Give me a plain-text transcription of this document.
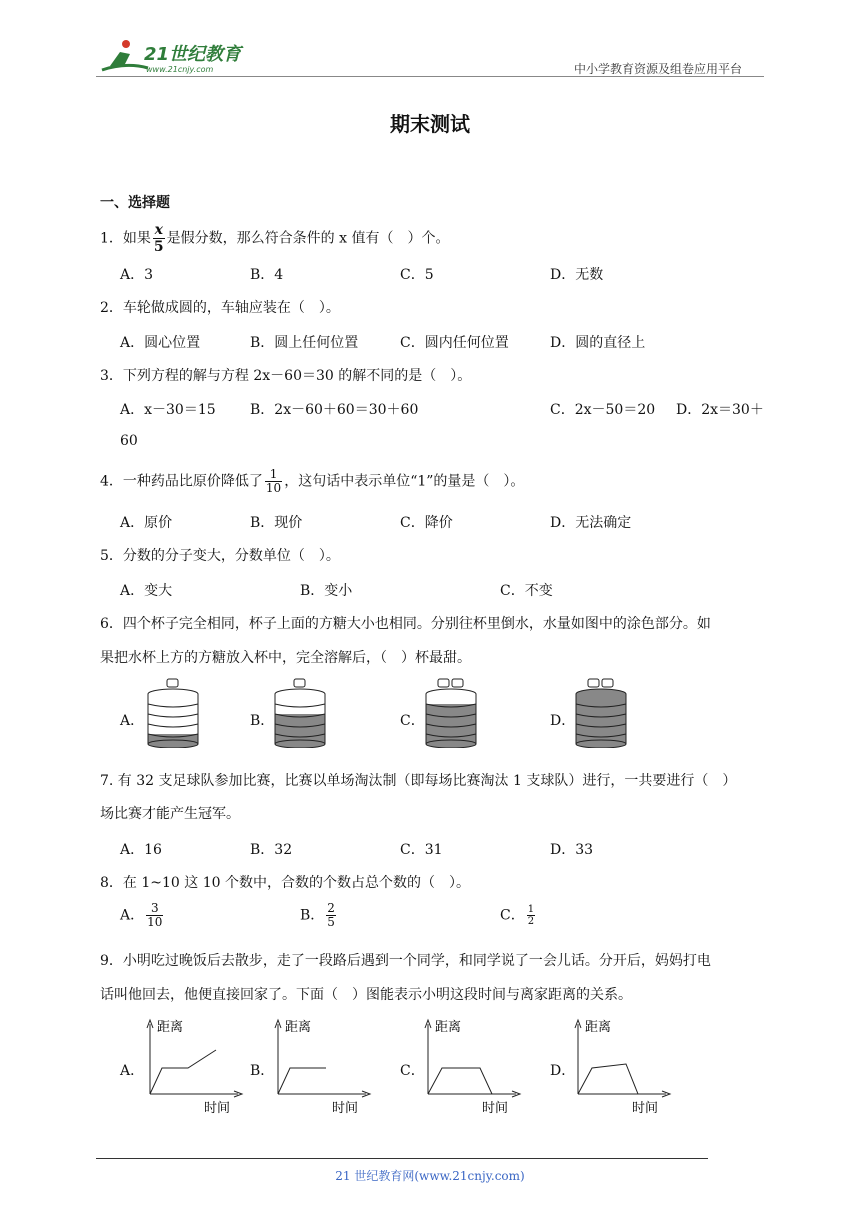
21世纪教育
www.21cnjy.com	中小学教育资源及组卷应用平台
期末测试
一、选择题
1．如果 $\frac{x}{5}$ 是假分数，那么符合条件的 x 值有（　）个。
A．3	B．4	C．5	D．无数
2．车轮做成圆的，车轴应装在（　）。
A．圆心位置	B．圆上任何位置	C．圆内任何位置	D．圆的直径上
3．下列方程的解与方程 2x－60＝30 的解不同的是（　）。
A．x－30＝15 B．2x－60＋60＝30＋60	C．2x－50＝20 D．2x＝30＋
60
4．一种药品比原价降低了 $\frac{1}{10}$ ，这句话中表示单位“1”的量是（　）。
A．原价	B．现价	C．降价	D．无法确定
5．分数的分子变大，分数单位（　）。
A．变大	B．变小	C．不变
6．四个杯子完全相同，杯子上面的方糖大小也相同。分别往杯里倒水，水量如图中的涂色部分。如
果把水杯上方的方糖放入杯中，完全溶解后，（　）杯最甜。
A．	B．	C．	D．
7. 有 32 支足球队参加比赛，比赛以单场淘汰制（即每场比赛淘汰 1 支球队）进行，一共要进行（　）
场比赛才能产生冠军。
A．16	B．32	C．31	D．33
8．在 1~10 这 10 个数中，合数的个数占总个数的（　）。
A． $\frac{3}{10}$	B． $\frac{2}{5}$	C． $\frac{1}{2}$
9．小明吃过晚饭后去散步，走了一段路后遇到一个同学，和同学说了一会儿话。分开后，妈妈打电
话叫他回去，他便直接回家了。下面（　）图能表示小明这段时间与离家距离的关系。
A．	B．	C．	D．
距离
时间
距离
时间
距离
时间
距离
时间
21 世纪教育网(www.21cnjy.com)
